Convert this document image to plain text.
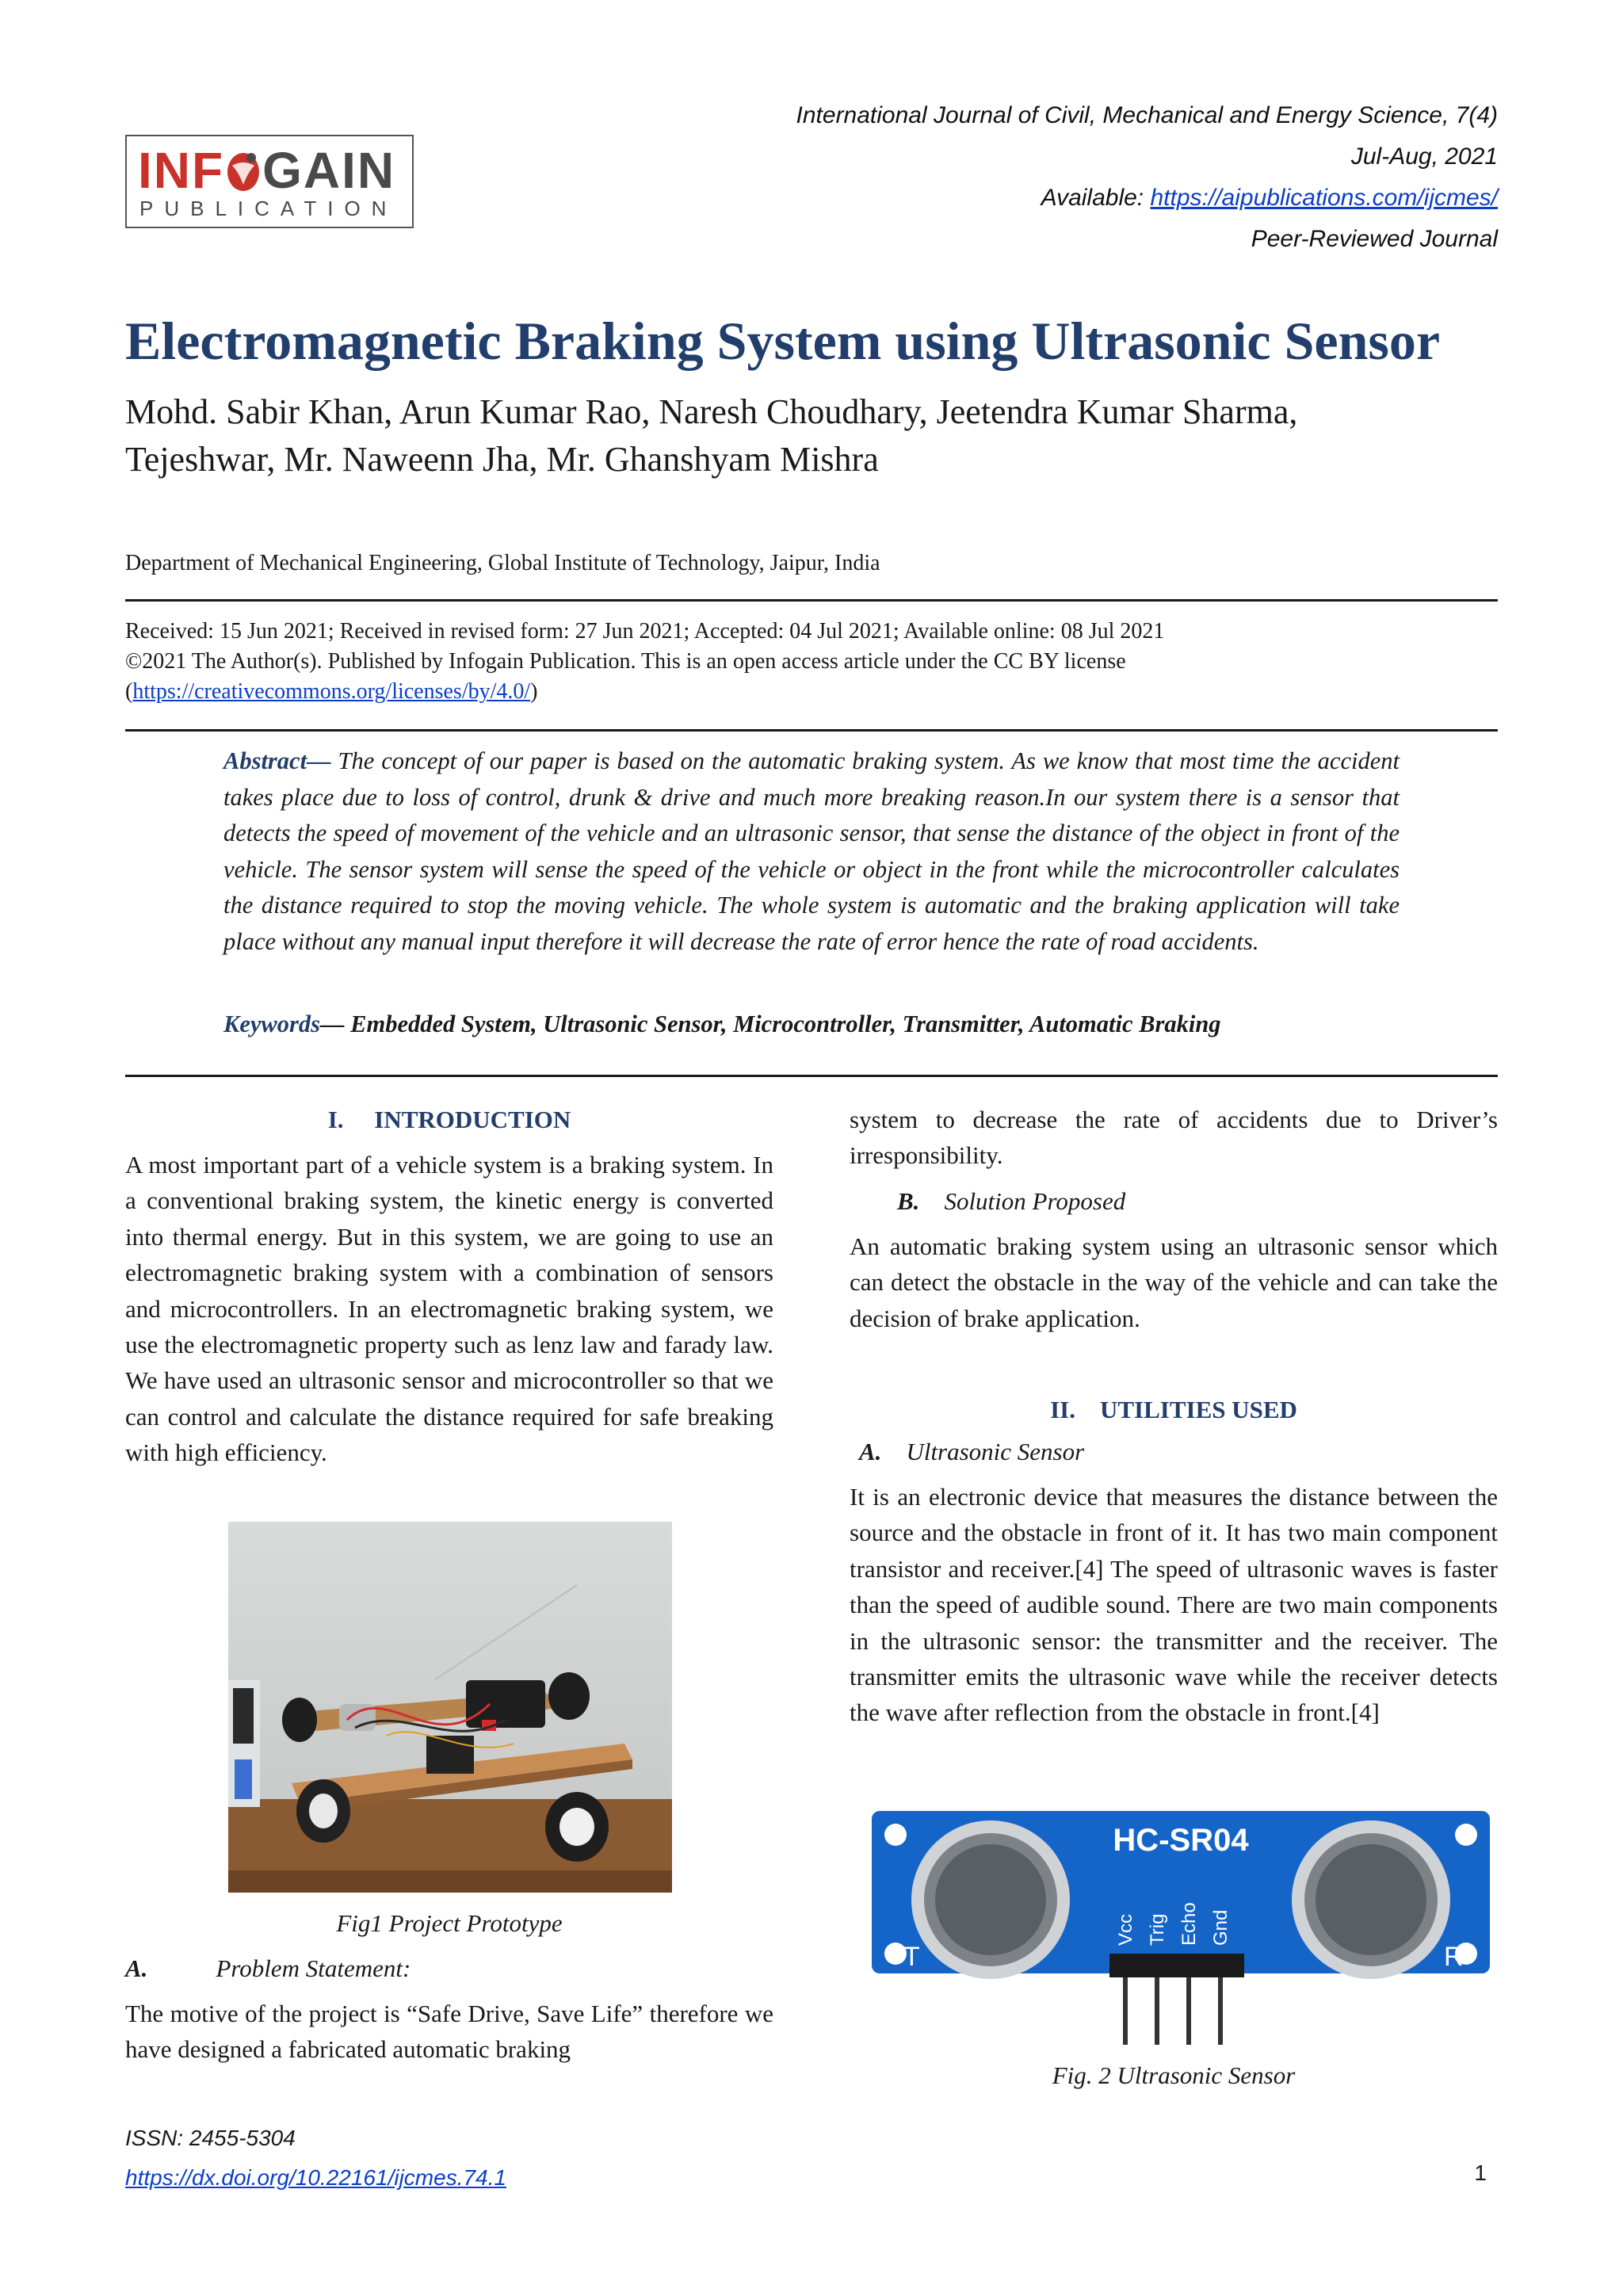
INF GAIN
PUBLICATION
International Journal of Civil, Mechanical and Energy Science, 7(4)
Jul-Aug, 2021
Available: https://aipublications.com/ijcmes/
Peer-Reviewed Journal
Electromagnetic Braking System using Ultrasonic Sensor
Mohd. Sabir Khan, Arun Kumar Rao, Naresh Choudhary, Jeetendra Kumar Sharma,
Tejeshwar, Mr. Naweenn Jha, Mr. Ghanshyam Mishra
Department of Mechanical Engineering, Global Institute of Technology, Jaipur, India
Received: 15 Jun 2021; Received in revised form: 27 Jun 2021; Accepted: 04 Jul 2021; Available online: 08 Jul 2021
©2021 The Author(s). Published by Infogain Publication. This is an open access article under the CC BY license
(https://creativecommons.org/licenses/by/4.0/)
Abstract— The concept of our paper is based on the automatic braking system. As we know that most time the accident takes place due to loss of control, drunk & drive and much more breaking reason.In our system there is a sensor that detects the speed of movement of the vehicle and an ultrasonic sensor, that sense the distance of the object in front of the vehicle. The sensor system will sense the speed of the vehicle or object in the front while the microcontroller calculates the distance required to stop the moving vehicle. The whole system is automatic and the braking application will take place without any manual input therefore it will decrease the rate of error hence the rate of road accidents.
Keywords— Embedded System, Ultrasonic Sensor, Microcontroller, Transmitter, Automatic Braking
I. INTRODUCTION

A most important part of a vehicle system is a braking system. In a conventional braking system, the kinetic energy is converted into thermal energy. But in this system, we are going to use an electromagnetic braking system with a combination of sensors and microcontrollers. In an electromagnetic braking system, we use the electromagnetic property such as lenz law and farady law. We have used an ultrasonic sensor and microcontroller so that we can control and calculate the distance required for safe breaking with high efficiency.

Fig1 Project Prototype
A.	Problem Statement:

The motive of the project is “Safe Drive, Save Life” therefore we have designed a fabricated automatic braking

system to decrease the rate of accidents due to Driver’s irresponsibility.

B. Solution Proposed

An automatic braking system using an ultrasonic sensor which can detect the obstacle in the way of the vehicle and can take the decision of brake application.

II. UTILITIES USED
A. Ultrasonic Sensor

It is an electronic device that measures the distance between the source and the obstacle in front of it. It has two main component transistor and receiver.[4] The speed of ultrasonic waves is faster than the speed of audible sound. There are two main components in the ultrasonic sensor: the transmitter and the receiver. The transmitter emits the ultrasonic wave while the receiver detects the wave after reflection from the obstacle in front.[4]

HC-SR04
T	R
Vcc Trig Echo Gnd
Fig. 2 Ultrasonic Sensor
ISSN: 2455-5304
https://dx.doi.org/10.22161/ijcmes.74.1	1
